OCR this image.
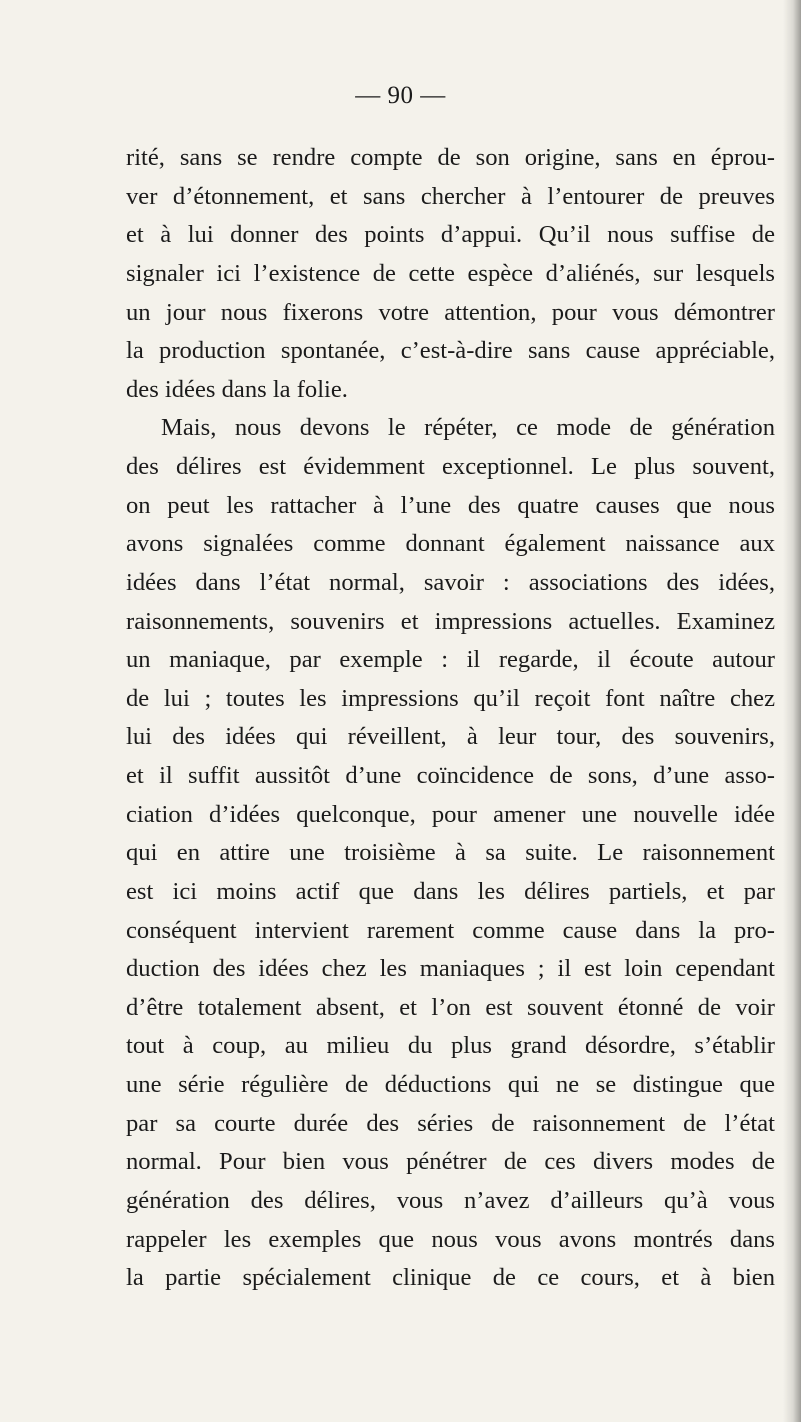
— 90 —
rité, sans se rendre compte de son origine, sans en éprou-
ver d’étonnement, et sans chercher à l’entourer de preuves
et à lui donner des points d’appui. Qu’il nous suffise de
signaler ici l’existence de cette espèce d’aliénés, sur lesquels
un jour nous fixerons votre attention, pour vous démontrer
la production spontanée, c’est-à-dire sans cause appréciable,
des idées dans la folie.
Mais, nous devons le répéter, ce mode de génération
des délires est évidemment exceptionnel. Le plus souvent,
on peut les rattacher à l’une des quatre causes que nous
avons signalées comme donnant également naissance aux
idées dans l’état normal, savoir : associations des idées,
raisonnements, souvenirs et impressions actuelles. Examinez
un maniaque, par exemple : il regarde, il écoute autour
de lui ; toutes les impressions qu’il reçoit font naître chez
lui des idées qui réveillent, à leur tour, des souvenirs,
et il suffit aussitôt d’une coïncidence de sons, d’une asso-
ciation d’idées quelconque, pour amener une nouvelle idée
qui en attire une troisième à sa suite. Le raisonnement
est ici moins actif que dans les délires partiels, et par
conséquent intervient rarement comme cause dans la pro-
duction des idées chez les maniaques ; il est loin cependant
d’être totalement absent, et l’on est souvent étonné de voir
tout à coup, au milieu du plus grand désordre, s’établir
une série régulière de déductions qui ne se distingue que
par sa courte durée des séries de raisonnement de l’état
normal. Pour bien vous pénétrer de ces divers modes de
génération des délires, vous n’avez d’ailleurs qu’à vous
rappeler les exemples que nous vous avons montrés dans
la partie spécialement clinique de ce cours, et à bien
